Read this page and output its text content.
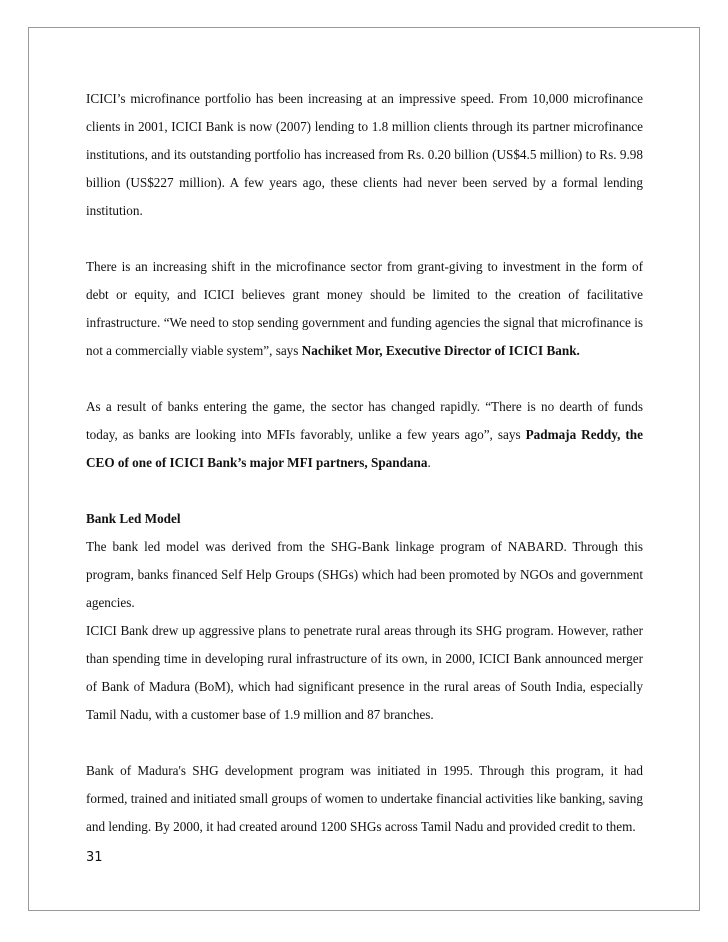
ICICI’s microfinance portfolio has been increasing at an impressive speed. From 10,000 microfinance clients in 2001, ICICI Bank is now (2007) lending to 1.8 million clients through its partner microfinance institutions, and its outstanding portfolio has increased from Rs. 0.20 billion (US$4.5 million) to Rs. 9.98 billion (US$227 million). A few years ago, these clients had never been served by a formal lending institution.

There is an increasing shift in the microfinance sector from grant-giving to investment in the form of debt or equity, and ICICI believes grant money should be limited to the creation of facilitative infrastructure. “We need to stop sending government and funding agencies the signal that microfinance is not a commercially viable system”, says Nachiket Mor, Executive Director of ICICI Bank.

As a result of banks entering the game, the sector has changed rapidly. “There is no dearth of funds today, as banks are looking into MFIs favorably, unlike a few years ago”, says Padmaja Reddy, the CEO of one of ICICI Bank’s major MFI partners, Spandana.

Bank Led Model

The bank led model was derived from the SHG-Bank linkage program of NABARD. Through this program, banks financed Self Help Groups (SHGs) which had been promoted by NGOs and government agencies.

ICICI Bank drew up aggressive plans to penetrate rural areas through its SHG program. However, rather than spending time in developing rural infrastructure of its own, in 2000, ICICI Bank announced merger of Bank of Madura (BoM), which had significant presence in the rural areas of South India, especially Tamil Nadu, with a customer base of 1.9 million and 87 branches.

Bank of Madura's SHG development program was initiated in 1995. Through this program, it had formed, trained and initiated small groups of women to undertake financial activities like banking, saving and lending. By 2000, it had created around 1200 SHGs across Tamil Nadu and provided credit to them.

31
